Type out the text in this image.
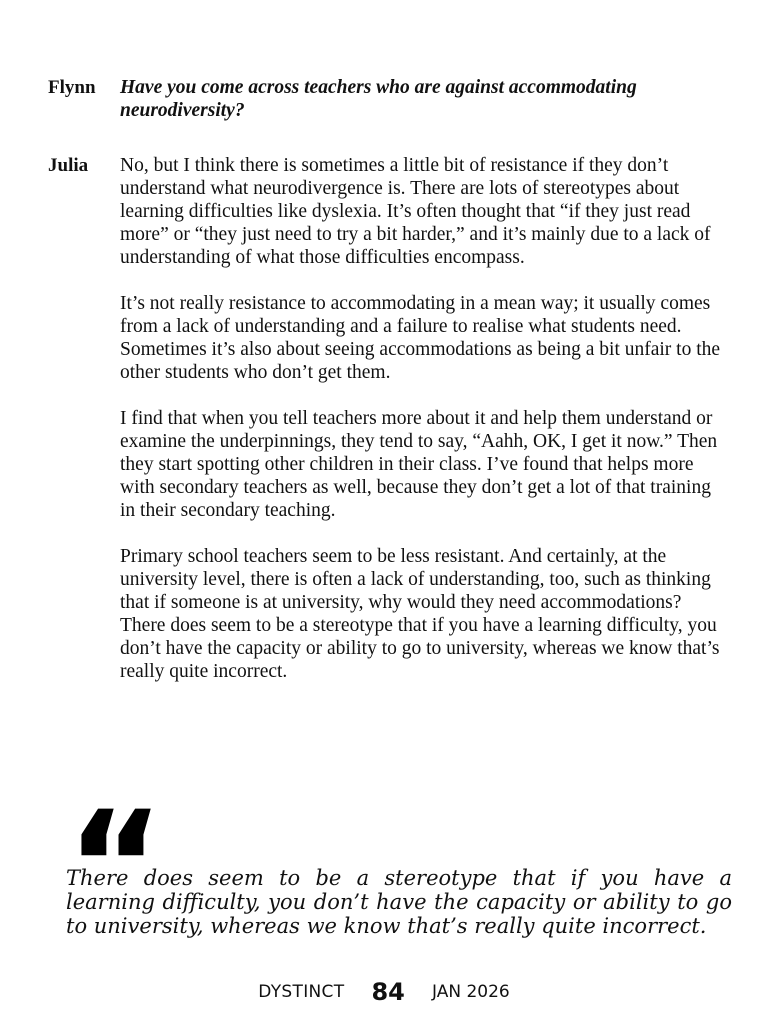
Flynn Have you come across teachers who are against accommodating neurodiversity?
Julia No, but I think there is sometimes a little bit of resistance if they don’t understand what neurodivergence is. There are lots of stereotypes about learning difficulties like dyslexia. It’s often thought that “if they just read more” or “they just need to try a bit harder,” and it’s mainly due to a lack of understanding of what those difficulties encompass.

It’s not really resistance to accommodating in a mean way; it usually comes from a lack of understanding and a failure to realise what students need. Sometimes it’s also about seeing accommodations as being a bit unfair to the other students who don’t get them.

I find that when you tell teachers more about it and help them understand or examine the underpinnings, they tend to say, “Aahh, OK, I get it now.” Then they start spotting other children in their class. I’ve found that helps more with secondary teachers as well, because they don’t get a lot of that training in their secondary teaching.

Primary school teachers seem to be less resistant. And certainly, at the university level, there is often a lack of understanding, too, such as thinking that if someone is at university, why would they need accommodations? There does seem to be a stereotype that if you have a learning difficulty, you don’t have the capacity or ability to go to university, whereas we know that’s really quite incorrect.

“
There does seem to be a stereotype that if you have a learning difficulty, you don’t have the capacity or ability to go to university, whereas we know that’s really quite incorrect.
DYSTINCT 84 JAN 2026
